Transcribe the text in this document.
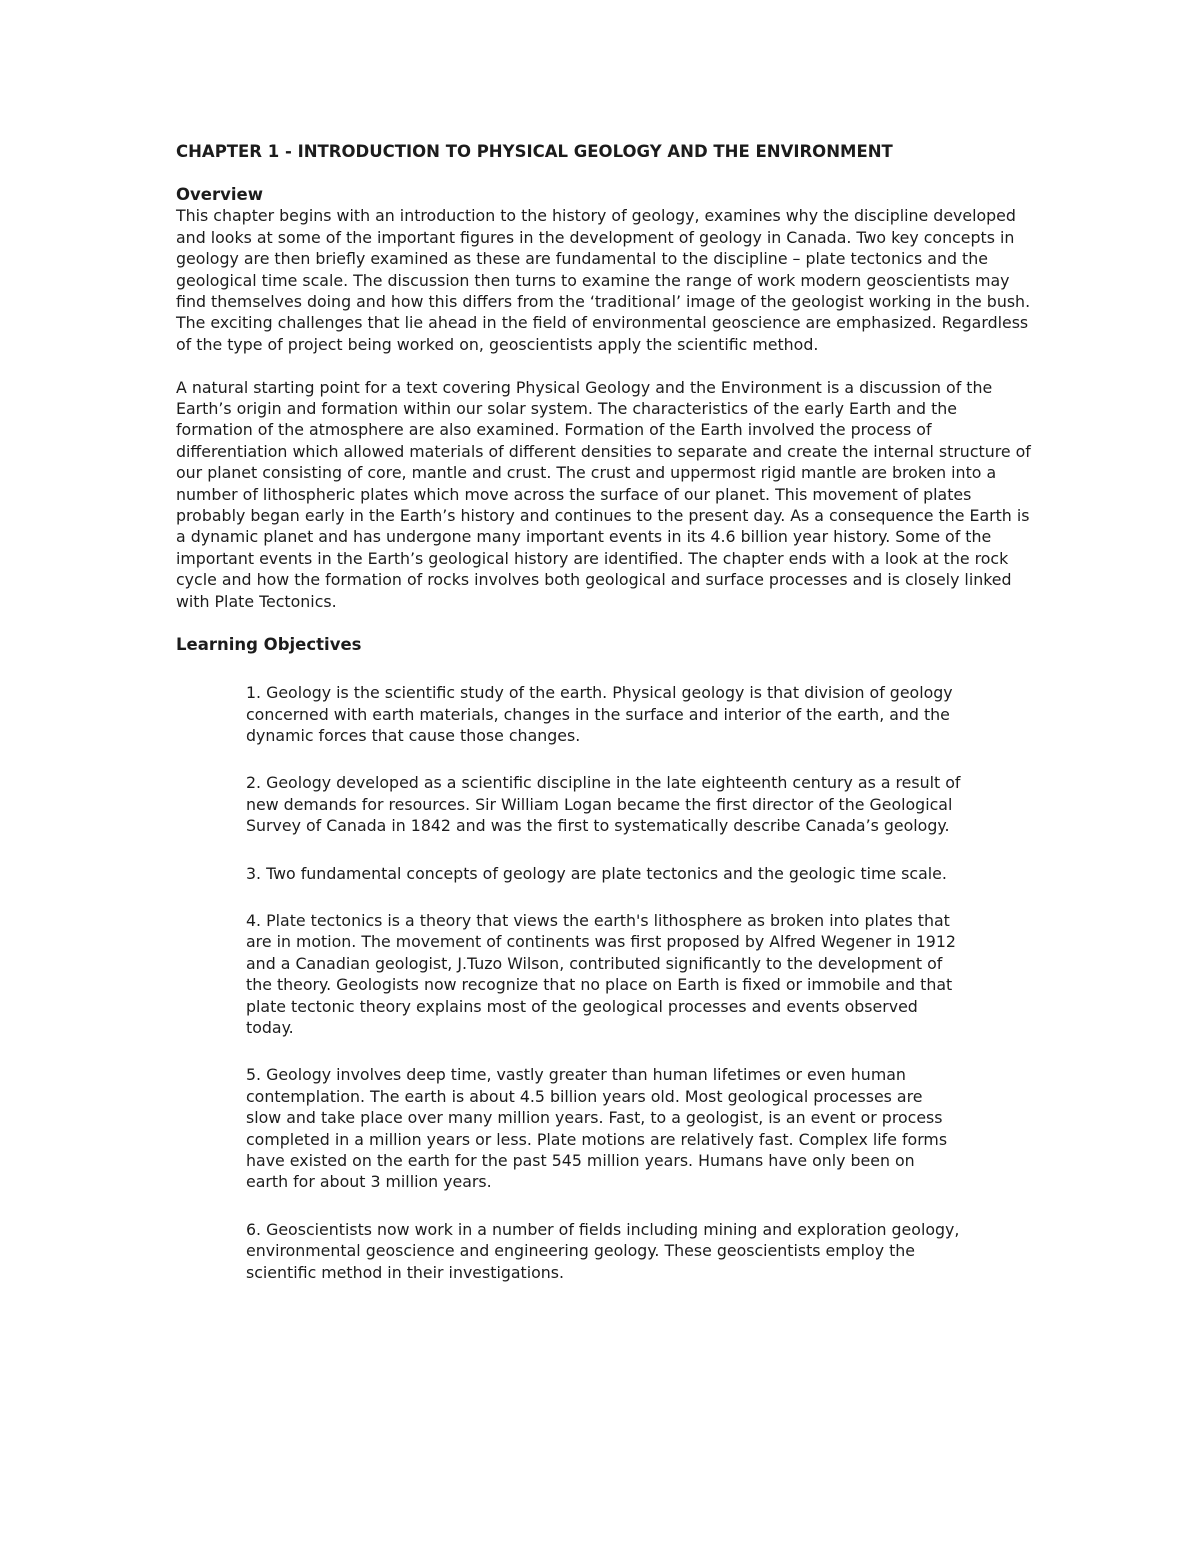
CHAPTER 1 - INTRODUCTION TO PHYSICAL GEOLOGY AND THE ENVIRONMENT
Overview

This chapter begins with an introduction to the history of geology, examines why the discipline developed and looks at some of the important figures in the development of geology in Canada. Two key concepts in geology are then briefly examined as these are fundamental to the discipline – plate tectonics and the geological time scale. The discussion then turns to examine the range of work modern geoscientists may find themselves doing and how this differs from the ‘traditional’ image of the geologist working in the bush. The exciting challenges that lie ahead in the field of environmental geoscience are emphasized. Regardless of the type of project being worked on, geoscientists apply the scientific method.

A natural starting point for a text covering Physical Geology and the Environment is a discussion of the Earth’s origin and formation within our solar system. The characteristics of the early Earth and the formation of the atmosphere are also examined. Formation of the Earth involved the process of differentiation which allowed materials of different densities to separate and create the internal structure of our planet consisting of core, mantle and crust. The crust and uppermost rigid mantle are broken into a number of lithospheric plates which move across the surface of our planet. This movement of plates probably began early in the Earth’s history and continues to the present day. As a consequence the Earth is a dynamic planet and has undergone many important events in its 4.6 billion year history. Some of the important events in the Earth’s geological history are identified. The chapter ends with a look at the rock cycle and how the formation of rocks involves both geological and surface processes and is closely linked with Plate Tectonics.

Learning Objectives
1. Geology is the scientific study of the earth. Physical geology is that division of geology concerned with earth materials, changes in the surface and interior of the earth, and the dynamic forces that cause those changes.
2. Geology developed as a scientific discipline in the late eighteenth century as a result of new demands for resources. Sir William Logan became the first director of the Geological Survey of Canada in 1842 and was the first to systematically describe Canada’s geology.
3. Two fundamental concepts of geology are plate tectonics and the geologic time scale.
4. Plate tectonics is a theory that views the earth's lithosphere as broken into plates that are in motion. The movement of continents was first proposed by Alfred Wegener in 1912 and a Canadian geologist, J.Tuzo Wilson, contributed significantly to the development of the theory. Geologists now recognize that no place on Earth is fixed or immobile and that plate tectonic theory explains most of the geological processes and events observed today.
5. Geology involves deep time, vastly greater than human lifetimes or even human contemplation. The earth is about 4.5 billion years old. Most geological processes are slow and take place over many million years. Fast, to a geologist, is an event or process completed in a million years or less. Plate motions are relatively fast. Complex life forms have existed on the earth for the past 545 million years. Humans have only been on earth for about 3 million years.
6. Geoscientists now work in a number of fields including mining and exploration geology, environmental geoscience and engineering geology. These geoscientists employ the scientific method in their investigations.
